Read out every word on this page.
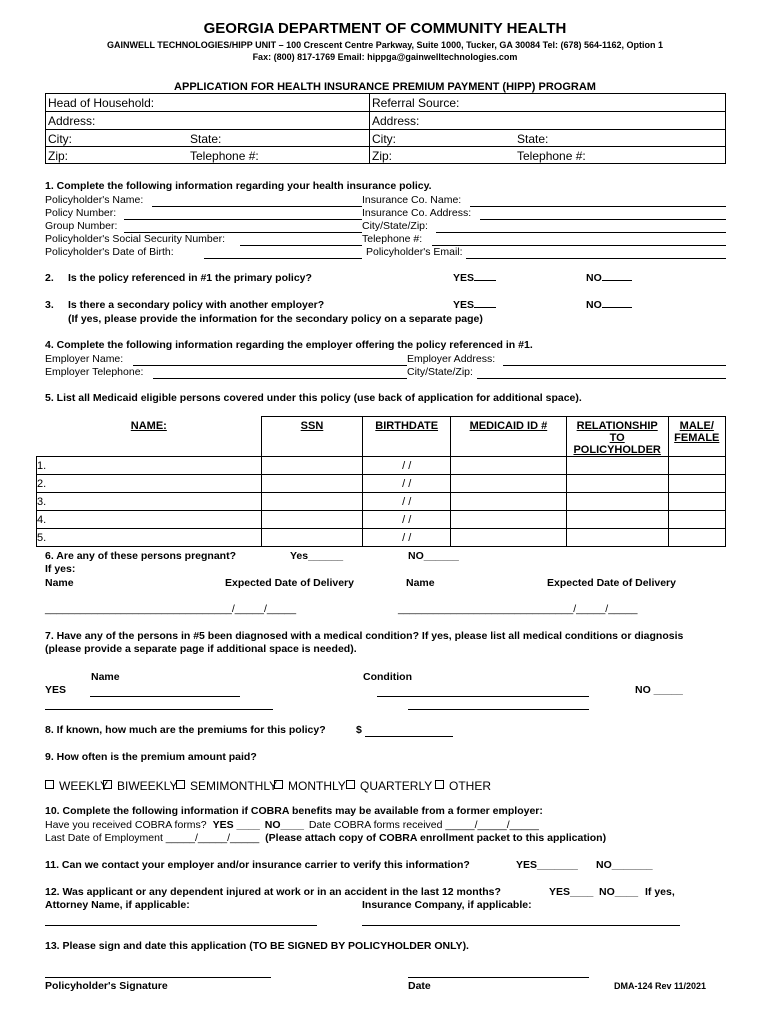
GEORGIA DEPARTMENT OF COMMUNITY HEALTH
GAINWELL TECHNOLOGIES/HIPP UNIT – 100 Crescent Centre Parkway, Suite 1000, Tucker, GA 30084 Tel: (678) 564-1162, Option 1
Fax: (800) 817-1769 Email: hippga@gainwelltechnologies.com
APPLICATION FOR HEALTH INSURANCE PREMIUM PAYMENT (HIPP) PROGRAM
Head of Household:	Referral Source:
Address:	Address:
City:	State:	City:	State:
Zip:	Telephone #:	Zip:	Telephone #:
1. Complete the following information regarding your health insurance policy.
Policyholder's Name:	Insurance Co. Name:
Policy Number:	Insurance Co. Address:
Group Number:	City/State/Zip:
Policyholder's Social Security Number:	Telephone #:
Policyholder's Date of Birth:	Policyholder's Email:
2. Is the policy referenced in #1 the primary policy?	YES	NO
3. Is there a secondary policy with another employer?	YES	NO
(If yes, please provide the information for the secondary policy on a separate page)
4. Complete the following information regarding the employer offering the policy referenced in #1.
Employer Name:	Employer Address:
Employer Telephone:	City/State/Zip:
5. List all Medicaid eligible persons covered under this policy (use back of application for additional space).
NAME:	SSN	BIRTHDATE	MEDICAID ID #	RELATIONSHIP TO POLICYHOLDER	MALE/ FEMALE

1.		/ /			
2.		/ /			
3.		/ /			
4.		/ /			
5.		/ /			
6. Are any of these persons pregnant?	Yes______	NO______
If yes:
Name	Expected Date of Delivery	Name	Expected Date of Delivery
________________________________/_____/_____	______________________________/_____/_____
7. Have any of the persons in #5 been diagnosed with a medical condition? If yes, please list all medical conditions or diagnosis (please provide a separate page if additional space is needed).
Name	Condition
YES	NO _____
8. If known, how much are the premiums for this policy?	$
9. How often is the premium amount paid?
WEEKLY BIWEEKLY	SEMIMONTHLY MONTHLY	QUARTERLY	OTHER
10. Complete the following information if COBRA benefits may be available from a former employer:
Have you received COBRA forms? YES ____ NO____ Date COBRA forms received _____/_____/_____
Last Date of Employment _____/_____/_____ (Please attach copy of COBRA enrollment packet to this application)
11. Can we contact your employer and/or insurance carrier to verify this information?	YES_______ NO_______
12. Was applicant or any dependent injured at work or in an accident in the last 12 months?	YES____ NO____ If yes,
Attorney Name, if applicable:	Insurance Company, if applicable:
13. Please sign and date this application (TO BE SIGNED BY POLICYHOLDER ONLY).
Policyholder's Signature	Date	DMA-124 Rev 11/2021
